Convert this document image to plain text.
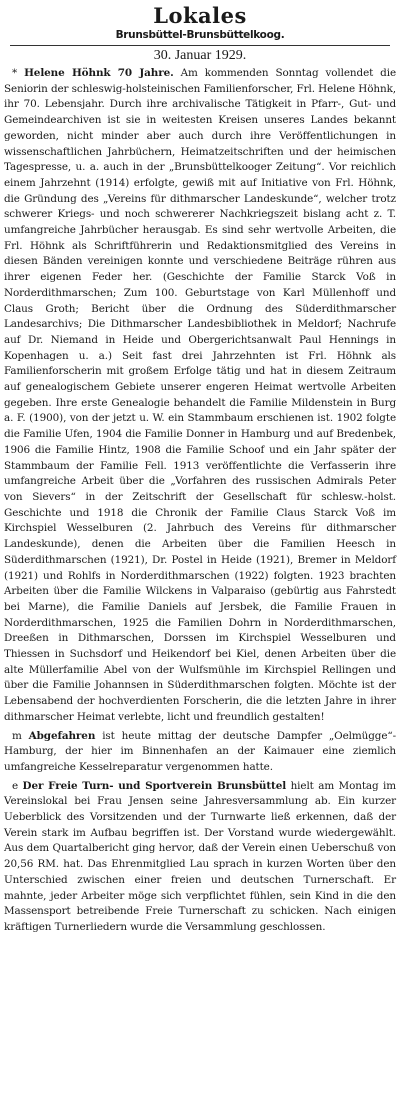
Lokales
Brunsbüttel-Brunsbüttelkoog.
30. Januar 1929.

* Helene Höhnk 70 Jahre. Am kommenden Sonntag vollendet die Seniorin der schleswig-holsteinischen Familienforscher, Frl. Helene Höhnk, ihr 70. Lebensjahr. Durch ihre archivalische Tätigkeit in Pfarr-, Gut- und Gemeindearchiven ist sie in weitesten Kreisen unseres Landes bekannt geworden, nicht minder aber auch durch ihre Veröffentlichungen in wissenschaftlichen Jahrbüchern, Heimatzeitschriften und der heimischen Tagespresse, u. a. auch in der „Brunsbüttelkooger Zeitung“. Vor reichlich einem Jahrzehnt (1914) erfolgte, gewiß mit auf Initiative von Frl. Höhnk, die Gründung des „Vereins für dithmarscher Landeskunde“, welcher trotz schwerer Kriegs- und noch schwererer Nachkriegszeit bislang acht z. T. umfangreiche Jahrbücher herausgab. Es sind sehr wertvolle Arbeiten, die Frl. Höhnk als Schriftführerin und Redaktionsmitglied des Vereins in diesen Bänden vereinigen konnte und verschiedene Beiträge rühren aus ihrer eigenen Feder her. (Geschichte der Familie Starck Voß in Norderdithmarschen; Zum 100. Geburtstage von Karl Müllenhoff und Claus Groth; Bericht über die Ordnung des Süderdithmarscher Landesarchivs; Die Dithmarscher Landesbibliothek in Meldorf; Nachrufe auf Dr. Niemand in Heide und Obergerichtsanwalt Paul Hennings in Kopenhagen u. a.) Seit fast drei Jahrzehnten ist Frl. Höhnk als Familienforscherin mit großem Erfolge tätig und hat in diesem Zeitraum auf genealogischem Gebiete unserer engeren Heimat wertvolle Arbeiten gegeben. Ihre erste Genealogie behandelt die Familie Mildenstein in Burg a. F. (1900), von der jetzt u. W. ein Stammbaum erschienen ist. 1902 folgte die Familie Ufen, 1904 die Familie Donner in Hamburg und auf Bredenbek, 1906 die Familie Hintz, 1908 die Familie Schoof und ein Jahr später der Stammbaum der Familie Fell. 1913 veröffentlichte die Verfasserin ihre umfangreiche Arbeit über die „Vorfahren des russischen Admirals Peter von Sievers“ in der Zeitschrift der Gesellschaft für schlesw.-holst. Geschichte und 1918 die Chronik der Familie Claus Starck Voß im Kirchspiel Wesselburen (2. Jahrbuch des Vereins für dithmarscher Landeskunde), denen die Arbeiten über die Familien Heesch in Süderdithmarschen (1921), Dr. Postel in Heide (1921), Bremer in Meldorf (1921) und Rohlfs in Norderdithmarschen (1922) folgten. 1923 brachten Arbeiten über die Familie Wilckens in Valparaiso (gebürtig aus Fahrstedt bei Marne), die Familie Daniels auf Jersbek, die Familie Frauen in Norderdithmarschen, 1925 die Familien Dohrn in Norderdithmarschen, Dreeßen in Dithmarschen, Dorssen im Kirchspiel Wesselburen und Thiessen in Suchsdorf und Heikendorf bei Kiel, denen Arbeiten über die alte Müllerfamilie Abel von der Wulfsmühle im Kirchspiel Rellingen und über die Familie Johannsen in Süderdithmarschen folgten. Möchte ist der Lebensabend der hochverdienten Forscherin, die die letzten Jahre in ihrer dithmarscher Heimat verlebte, licht und freundlich gestalten!

m Abgefahren ist heute mittag der deutsche Dampfer „Oelmügge“-Hamburg, der hier im Binnenhafen an der Kaimauer eine ziemlich umfangreiche Kesselreparatur vergenommen hatte.

e Der Freie Turn- und Sportverein Brunsbüttel hielt am Montag im Vereinslokal bei Frau Jensen seine Jahresversammlung ab. Ein kurzer Ueberblick des Vorsitzenden und der Turnwarte ließ erkennen, daß der Verein stark im Aufbau begriffen ist. Der Vorstand wurde wiedergewählt. Aus dem Quartalbericht ging hervor, daß der Verein einen Ueberschuß von 20,56 RM. hat. Das Ehrenmitglied Lau sprach in kurzen Worten über den Unterschied zwischen einer freien und deutschen Turnerschaft. Er mahnte, jeder Arbeiter möge sich verpflichtet fühlen, sein Kind in die den Massensport betreibende Freie Turnerschaft zu schicken. Nach einigen kräftigen Turnerliedern wurde die Versammlung geschlossen.
